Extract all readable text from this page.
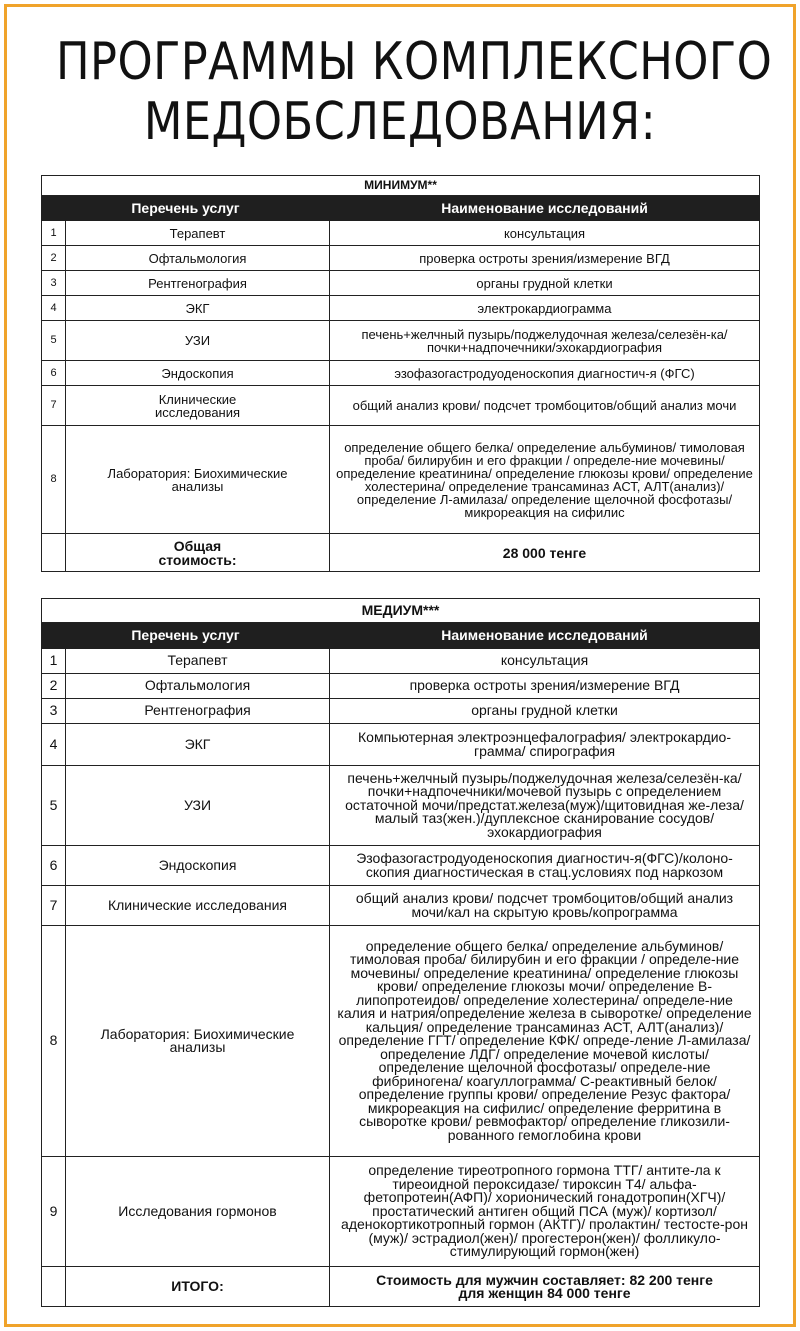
ПРОГРАММЫ КОМПЛЕКСНОГО
МЕДОБСЛЕДОВАНИЯ:
МИНИМУМ**		
Перечень услуг		Наименование исследований
1	Терапевт	консультация
2	Офтальмология	проверка остроты зрения/измерение ВГД
3	Рентгенография	органы грудной клетки
4	ЭКГ	электрокардиограмма
5	УЗИ	печень+желчный пузырь/поджелудочная железа/селезён-ка/почки+надпочечники/эхокардиография
6	Эндоскопия	эзофазогастродуоденоскопия диагностич-я (ФГС)
7	Клинические исследования	общий анализ крови/ подсчет тромбоцитов/общий анализ мочи
8	Лаборатория: Биохимические анализы	определение общего белка/ определение альбуминов/ тимоловая проба/ билирубин и его фракции / определе-ние мочевины/ определение креатинина/ определение глюкозы крови/ определение холестерина/ определение трансаминаз АСТ, АЛТ(анализ)/ определение Л-амилаза/ определение щелочной фосфотазы/микрореакция на сифилис
	Общая стоимость:	28 000 тенге
МЕДИУМ***		
Перечень услуг		Наименование исследований
1	Терапевт	консультация
2	Офтальмология	проверка остроты зрения/измерение ВГД
3	Рентгенография	органы грудной клетки
4	ЭКГ	Компьютерная электроэнцефалография/ электрокардио-грамма/ спирография
5	УЗИ	печень+желчный пузырь/поджелудочная железа/селезён-ка/почки+надпочечники/мочевой пузырь с определением остаточной мочи/предстат.железа(муж)/щитовидная же-леза/малый таз(жен.)/дуплексное сканирование сосудов/ эхокардиография
6	Эндоскопия	Эзофазогастродуоденоскопия диагностич-я(ФГС)/колоно-скопия диагностическая в стац.условиях под наркозом
7	Клинические исследования	общий анализ крови/ подсчет тромбоцитов/общий анализ мочи/кал на скрытую кровь/копрограмма
8	Лаборатория: Биохимические анализы	определение общего белка/ определение альбуминов/ тимоловая проба/ билирубин и его фракции / определе-ние мочевины/ определение креатинина/ определение глюкозы крови/ определение глюкозы мочи/ определение В-липопротеидов/ определение холестерина/ определе-ние калия и натрия/определение железа в сыворотке/ определение кальция/ определение трансаминаз АСТ, АЛТ(анализ)/ определение ГГТ/ определение КФК/ опреде-ление Л-амилаза/ определение ЛДГ/ определение мочевой кислоты/ определение щелочной фосфотазы/ определе-ние фибриногена/ коагуллограмма/ С-реактивный белок/ определение группы крови/ определение Резус фактора/ микрореакция на сифилис/ определение ферритина в сыворотке крови/ ревмофактор/ определение гликозили-рованного гемоглобина крови
9	Исследования гормонов	определение тиреотропного гормона ТТГ/ антите-ла к тиреоидной пероксидазе/ тироксин Т4/ альфа-фетопротеин(АФП)/ хорионический гонадотропин(ХГЧ)/ простатический антиген общий ПСА (муж)/ кортизол/ аденокортикотропный гормон (АКТГ)/ пролактин/ тестосте-рон (муж)/ эстрадиол(жен)/ прогестерон(жен)/ фолликуло-стимулирующий гормон(жен)
	ИТОГО:	Стоимость для мужчин составляет: 82 200 тенге
для женщин 84 000 тенге
